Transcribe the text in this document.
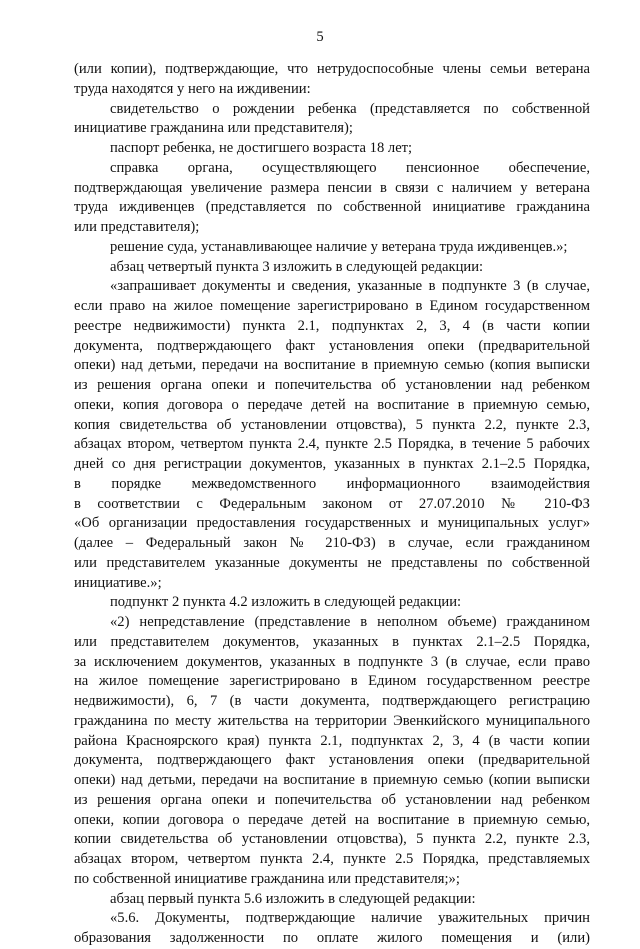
5

(или копии), подтверждающие, что нетрудоспособные члены семьи ветерана

труда находятся у него на иждивении:

свидетельство о рождении ребенка (представляется по собственной

инициативе гражданина или представителя);

паспорт ребенка, не достигшего возраста 18 лет;

справка органа, осуществляющего пенсионное обеспечение,

подтверждающая увеличение размера пенсии в связи с наличием у ветерана

труда иждивенцев (представляется по собственной инициативе гражданина

или представителя);

решение суда, устанавливающее наличие у ветерана труда иждивенцев.»;

абзац четвертый пункта 3 изложить в следующей редакции:

«запрашивает документы и сведения, указанные в подпункте 3 (в случае,

если право на жилое помещение зарегистрировано в Едином государственном

реестре недвижимости) пункта 2.1, подпунктах 2, 3, 4 (в части копии

документа, подтверждающего факт установления опеки (предварительной

опеки) над детьми, передачи на воспитание в приемную семью (копия выписки

из решения органа опеки и попечительства об установлении над ребенком

опеки, копия договора о передаче детей на воспитание в приемную семью,

копия свидетельства об установлении отцовства), 5 пункта 2.2, пункте 2.3,

абзацах втором, четвертом пункта 2.4, пункте 2.5 Порядка, в течение 5 рабочих

дней со дня регистрации документов, указанных в пунктах 2.1–2.5 Порядка,

в порядке межведомственного информационного взаимодействия

в соответствии с Федеральным законом от 27.07.2010 № 210-ФЗ

«Об организации предоставления государственных и муниципальных услуг»

(далее – Федеральный закон № 210-ФЗ) в случае, если гражданином

или представителем указанные документы не представлены по собственной

инициативе.»;

подпункт 2 пункта 4.2 изложить в следующей редакции:

«2) непредставление (представление в неполном объеме) гражданином

или представителем документов, указанных в пунктах 2.1–2.5 Порядка,

за исключением документов, указанных в подпункте 3 (в случае, если право

на жилое помещение зарегистрировано в Едином государственном реестре

недвижимости), 6, 7 (в части документа, подтверждающего регистрацию

гражданина по месту жительства на территории Эвенкийского муниципального

района Красноярского края) пункта 2.1, подпунктах 2, 3, 4 (в части копии

документа, подтверждающего факт установления опеки (предварительной

опеки) над детьми, передачи на воспитание в приемную семью (копии выписки

из решения органа опеки и попечительства об установлении над ребенком

опеки, копии договора о передаче детей на воспитание в приемную семью,

копии свидетельства об установлении отцовства), 5 пункта 2.2, пункте 2.3,

абзацах втором, четвертом пункта 2.4, пункте 2.5 Порядка, представляемых

по собственной инициативе гражданина или представителя;»;

абзац первый пункта 5.6 изложить в следующей редакции:

«5.6. Документы, подтверждающие наличие уважительных причин

образования задолженности по оплате жилого помещения и (или)
